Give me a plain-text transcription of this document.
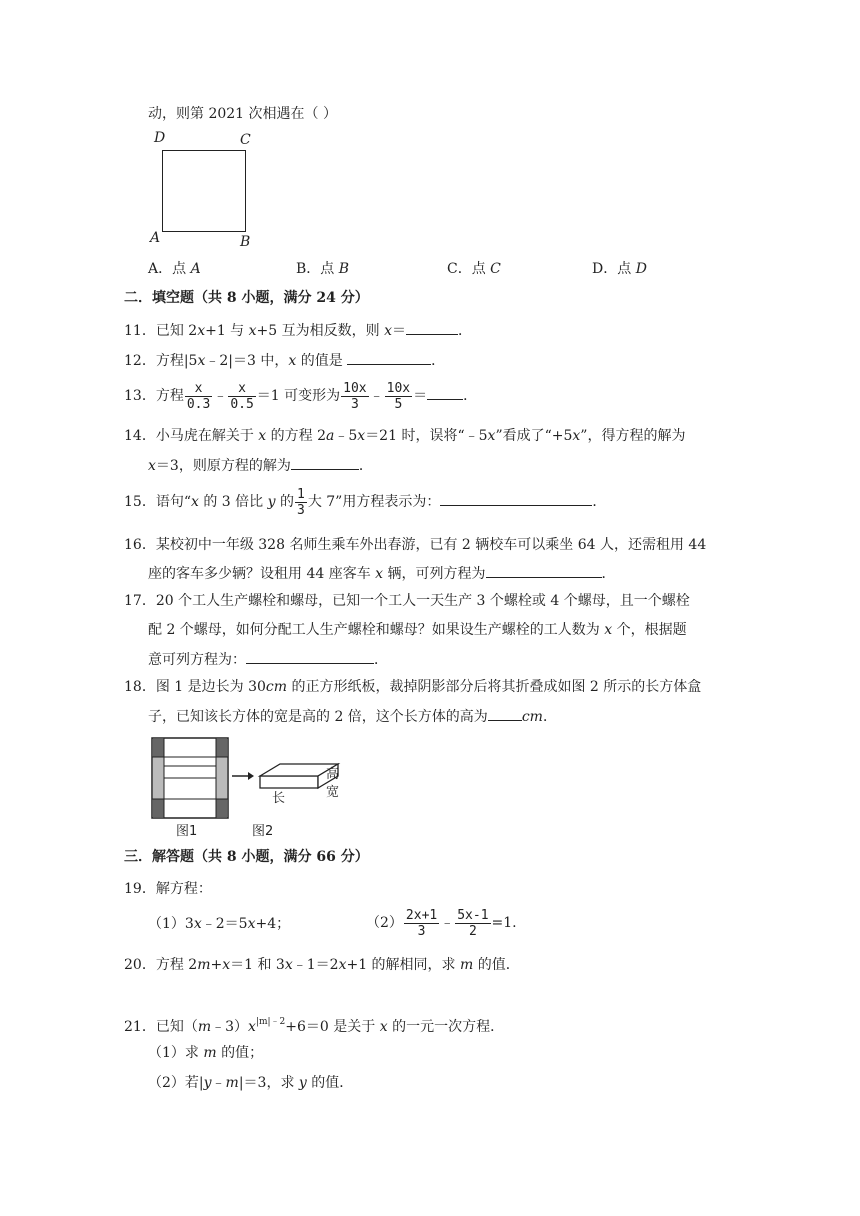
动，则第 2021 次相遇在（ ）
D	C
A	B
A．点 A	B．点 B	C．点 C	D．点 D
二．填空题（共 8 小题，满分 24 分）
11．已知 2x+1 与 x+5 互为相反数，则 x＝	．
12．方程|5x﹣2|＝3 中，x 的值是	．
13．方程 $\frac{x}{0.3}$ ﹣ $\frac{x}{0.5} =1$ 可变形为 $\frac{10x}{3}$ ﹣ $\frac{10x}{5}$ ＝	．
14．小马虎在解关于 x 的方程 2a﹣5x＝21 时，误将“﹣5x”看成了“+5x”，得方程的解为
x＝3，则原方程的解为	．
15．语句“x 的 3 倍比 y 的 $\frac{1}{3}$ 大 7”用方程表示为：	．
16．某校初中一年级 328 名师生乘车外出春游，已有 2 辆校车可以乘坐 64 人，还需租用 44
座的客车多少辆？设租用 44 座客车 x 辆，可列方程为	．
17．20 个工人生产螺栓和螺母，已知一个工人一天生产 3 个螺栓或 4 个螺母，且一个螺栓
配 2 个螺母，如何分配工人生产螺栓和螺母？如果设生产螺栓的工人数为 x 个，根据题
意可列方程为：	．
18．图 1 是边长为 30cm 的正方形纸板，裁掉阴影部分后将其折叠成如图 2 所示的长方体盒
子，已知该长方体的宽是高的 2 倍，这个长方体的高为 cm．
高
宽
长
图1	图2
三．解答题（共 8 小题，满分 66 分）
19．解方程：
（1）3x﹣2＝5x+4；	$(2) \frac{2x+1}{3}$ ﹣ $\frac{5x-1}{2} =1$.
20．方程 2m+x＝1 和 3x﹣1＝2x+1 的解相同，求 m 的值．
21．已知$(m﹣3)x^{|m|﹣2}+6=0$ 是关于 x 的一元一次方程．
（1）求 m 的值；
（2）若|y﹣m|＝3，求 y 的值．
